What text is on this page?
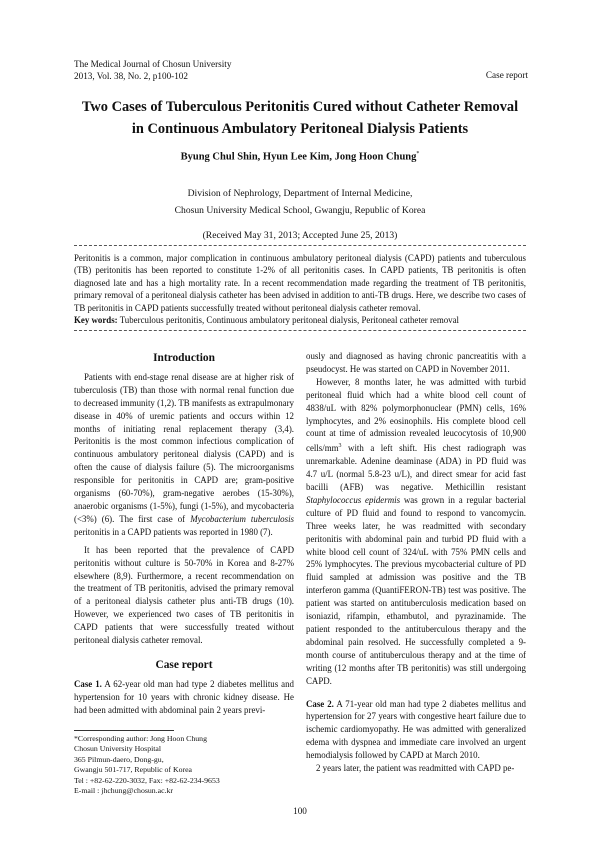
The Medical Journal of Chosun University
2013, Vol. 38, No. 2, p100-102	Case report
Two Cases of Tuberculous Peritonitis Cured without Catheter Removal
in Continuous Ambulatory Peritoneal Dialysis Patients
Byung Chul Shin, Hyun Lee Kim, Jong Hoon Chung*
Division of Nephrology, Department of Internal Medicine,
Chosun University Medical School, Gwangju, Republic of Korea
(Received May 31, 2013; Accepted June 25, 2013)
Peritonitis is a common, major complication in continuous ambulatory peritoneal dialysis (CAPD) patients and tuberculous (TB) peritonitis has been reported to constitute 1-2% of all peritonitis cases. In CAPD patients, TB peritonitis is often diagnosed late and has a high mortality rate. In a recent recommendation made regarding the treatment of TB peritonitis, primary removal of a peritoneal dialysis catheter has been advised in addition to anti-TB drugs. Here, we describe two cases of TB peritonitis in CAPD patients successfully treated without peritoneal dialysis catheter removal.
Key words: Tuberculous peritonitis, Continuous ambulatory peritoneal dialysis, Peritoneal catheter removal
Introduction

Patients with end-stage renal disease are at higher risk of tuberculosis (TB) than those with normal renal function due to decreased immunity (1,2). TB manifests as extrapulmonary disease in 40% of uremic patients and occurs within 12 months of initiating renal replacement therapy (3,4). Peritonitis is the most common infectious complication of continuous ambulatory peritoneal dialysis (CAPD) and is often the cause of dialysis failure (5). The microorganisms responsible for peritonitis in CAPD are; gram-positive organisms (60-70%), gram-negative aerobes (15-30%), anaerobic organisms (1-5%), fungi (1-5%), and mycobacteria (<3%) (6). The first case of Mycobacterium tuberculosis peritonitis in a CAPD patients was reported in 1980 (7).

It has been reported that the prevalence of CAPD peritonitis without culture is 50-70% in Korea and 8-27% elsewhere (8,9). Furthermore, a recent recommendation on the treatment of TB peritonitis, advised the primary removal of a peritoneal dialysis catheter plus anti-TB drugs (10). However, we experienced two cases of TB peritonitis in CAPD patients that were successfully treated without peritoneal dialysis catheter removal.

Case report

Case 1. A 62-year old man had type 2 diabetes mellitus and hypertension for 10 years with chronic kidney disease. He had been admitted with abdominal pain 2 years previ-

ously and diagnosed as having chronic pancreatitis with a pseudocyst. He was started on CAPD in November 2011.

However, 8 months later, he was admitted with turbid peritoneal fluid which had a white blood cell count of 4838/uL with 82% polymorphonuclear (PMN) cells, 16% lymphocytes, and 2% eosinophils. His complete blood cell count at time of admission revealed leucocytosis of 10,900 cells/$mm^3$ with a left shift. His chest radiograph was unremarkable. Adenine deaminase (ADA) in PD fluid was 4.7 u/L (normal 5.8-23 u/L), and direct smear for acid fast bacilli (AFB) was negative. Methicillin resistant Staphylococcus epidermis was grown in a regular bacterial culture of PD fluid and found to respond to vancomycin. Three weeks later, he was readmitted with secondary peritonitis with abdominal pain and turbid PD fluid with a white blood cell count of 324/uL with 75% PMN cells and 25% lymphocytes. The previous mycobacterial culture of PD fluid sampled at admission was positive and the TB interferon gamma (QuantiFERON-TB) test was positive. The patient was started on antituberculosis medication based on isoniazid, rifampin, ethambutol, and pyrazinamide. The patient responded to the antituberculous therapy and the abdominal pain resolved. He successfully completed a 9-month course of antituberculous therapy and at the time of writing (12 months after TB peritonitis) was still undergoing CAPD.

Case 2. A 71-year old man had type 2 diabetes mellitus and hypertension for 27 years with congestive heart failure due to ischemic cardiomyopathy. He was admitted with generalized edema with dyspnea and immediate care involved an urgent hemodialysis followed by CAPD at March 2010.

2 years later, the patient was readmitted with CAPD pe-

*Corresponding author: Jong Hoon Chung
Chosun University Hospital
365 Pilmun-daero, Dong-gu,
Gwangju 501-717, Republic of Korea
Tel : +82-62-220-3032, Fax: +82-62-234-9653
E-mail : jhchung@chosun.ac.kr
100
